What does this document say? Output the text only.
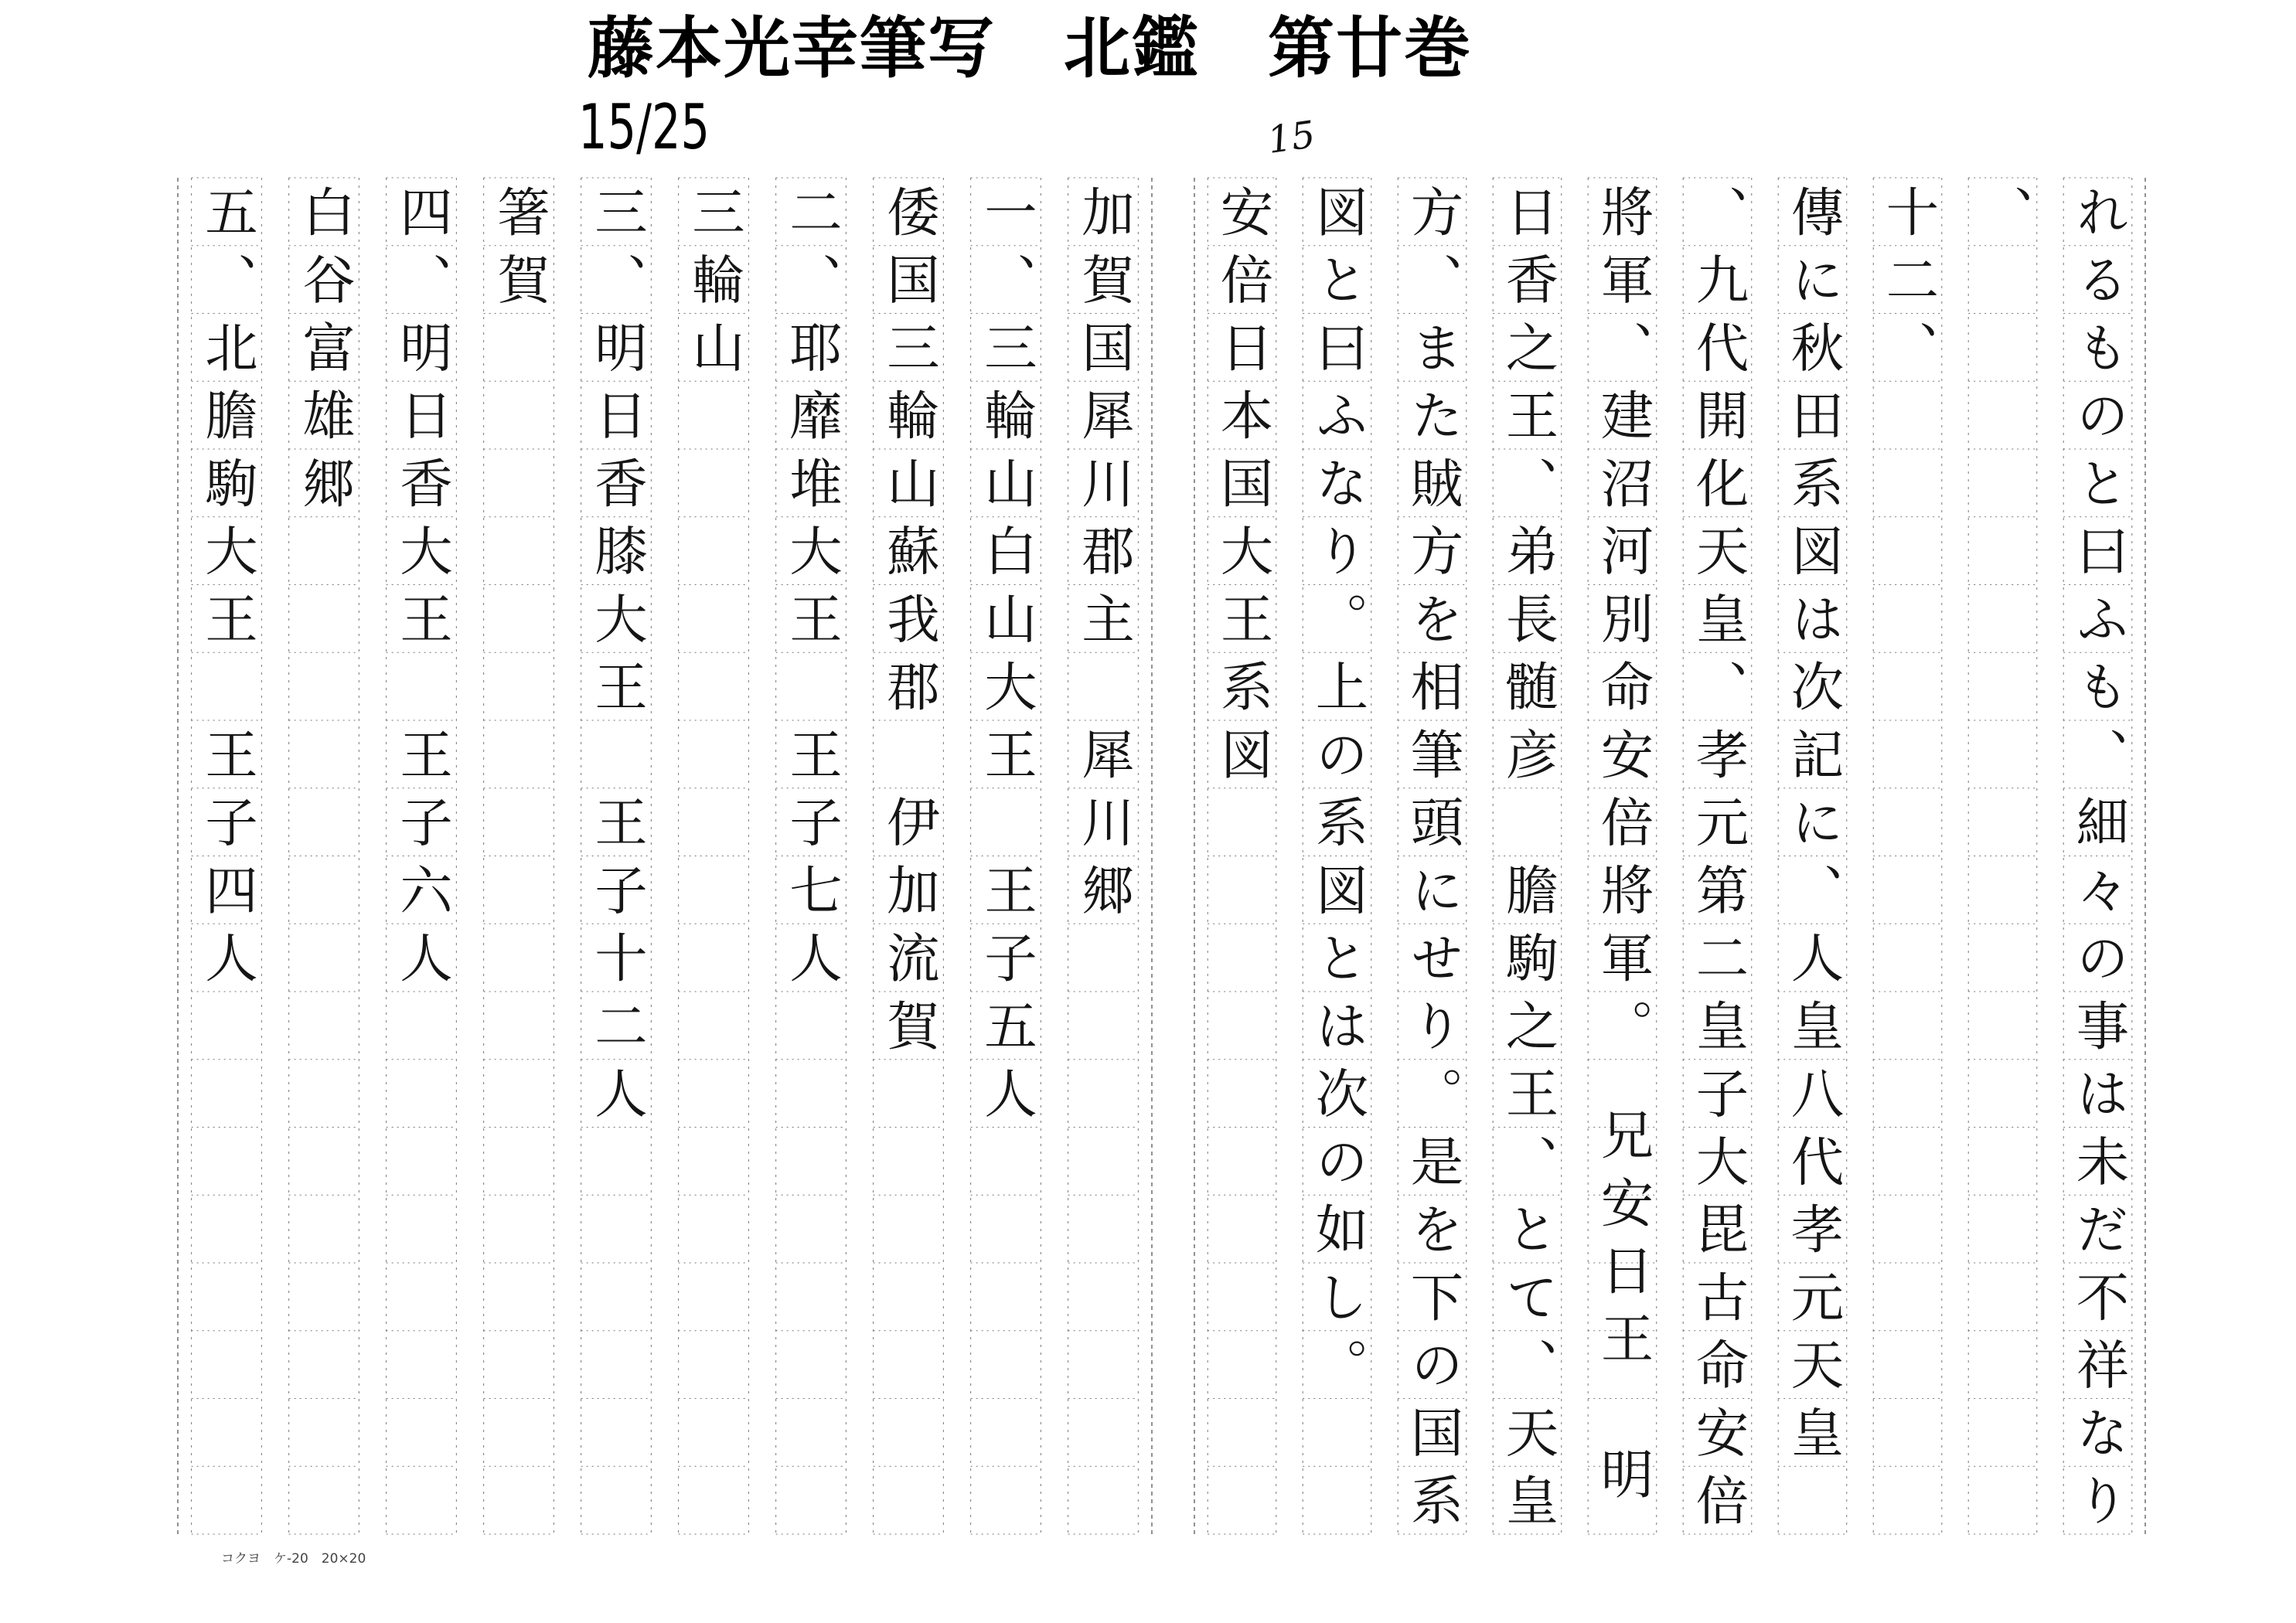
藤本光幸筆写　北鑑　第廿巻
15/25	15
れるものと曰ふも、細々の事は未だ不祥なり
、
十二、
傳に秋田系図は次記に、人皇八代孝元天皇
、九代開化天皇、孝元第二皇子大毘古命安倍
將軍、建沼河別命安倍將軍。　兄安日王　明
日香之王、弟長髄彦　膽駒之王、とて、天皇
方、また賊方を相筆頭にせり。是を下の国系
図と曰ふなり。上の系図とは次の如し。
安倍日本国大王系図
加賀国犀川郡主　犀川郷
一、三輪山白山大王　王子五人
倭国三輪山蘇我郡　伊加流賀
二、耶靡堆大王　王子七人
三輪山
三、明日香膝大王　王子十二人
箸賀
四、明日香大王　王子六人
白谷富雄郷
五、北膽駒大王　王子四人
コクヨ　ケ-20　20×20
